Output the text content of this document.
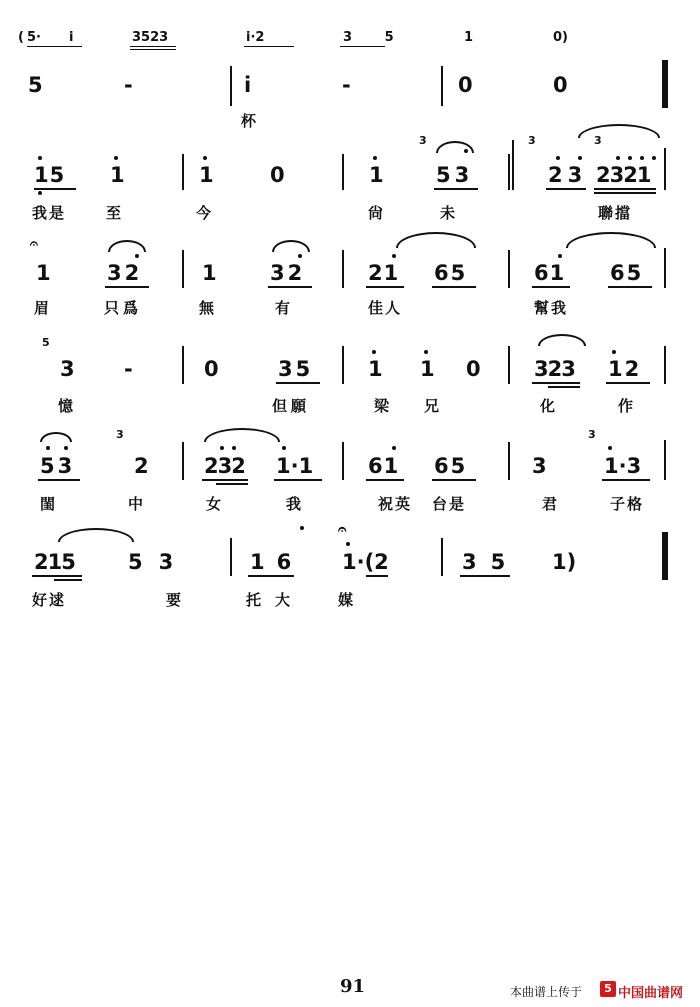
( 5· i	3523	i·2	3 5	1	0)
5	-	i	-	0	0
杯
15 1	1	0	1
3
53
3
23
3
2321
我是	至	今	尙	未	聯擋
𝄐
1	32	1	32	21 65	61 65
眉	只爲	無	有	佳人	幫我
5
3 -	0	35	1 1 0	323 12
憶	但願	梁 兄	化	作
53
3
2	232 1·1	61 65	3
3
1·3
閨	中	女	我	祝英 台是	君	子格
215	53	16
𝄐
1·(2	35 1)
好逑	要	托大 媒
91	本曲谱上传于	5 中国曲谱网
